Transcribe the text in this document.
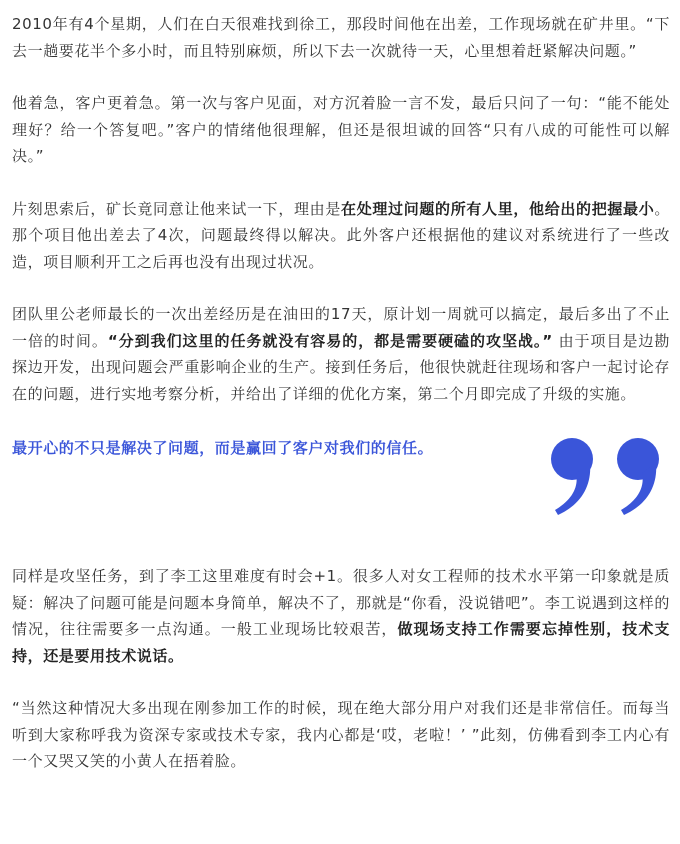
2010年有4个星期，人们在白天很难找到徐工，那段时间他在出差，工作现场就在矿井里。“下去一趟要花半个多小时，而且特别麻烦，所以下去一次就待一天，心里想着赶紧解决问题。”

他着急，客户更着急。第一次与客户见面，对方沉着脸一言不发，最后只问了一句：“能不能处理好？给一个答复吧。”客户的情绪他很理解，但还是很坦诚的回答“只有八成的可能性可以解决。”

片刻思索后，矿长竟同意让他来试一下，理由是在处理过问题的所有人里，他给出的把握最小。那个项目他出差去了4次，问题最终得以解决。此外客户还根据他的建议对系统进行了一些改造，项目顺利开工之后再也没有出现过状况。

团队里公老师最长的一次出差经历是在油田的17天，原计划一周就可以搞定，最后多出了不止一倍的时间。“分到我们这里的任务就没有容易的，都是需要硬磕的攻坚战。” 由于项目是边勘探边开发，出现问题会严重影响企业的生产。接到任务后，他很快就赶往现场和客户一起讨论存在的问题，进行实地考察分析，并给出了详细的优化方案，第二个月即完成了升级的实施。

最开心的不只是解决了问题，而是赢回了客户对我们的信任。

同样是攻坚任务，到了李工这里难度有时会+1。很多人对女工程师的技术水平第一印象就是质疑：解决了问题可能是问题本身简单，解决不了，那就是“你看，没说错吧”。李工说遇到这样的情况，往往需要多一点沟通。一般工业现场比较艰苦，做现场支持工作需要忘掉性别，技术支持，还是要用技术说话。

“当然这种情况大多出现在刚参加工作的时候，现在绝大部分用户对我们还是非常信任。而每当听到大家称呼我为资深专家或技术专家，我内心都是‘哎，老啦！’ ”此刻，仿佛看到李工内心有一个又哭又笑的小黄人在捂着脸。
